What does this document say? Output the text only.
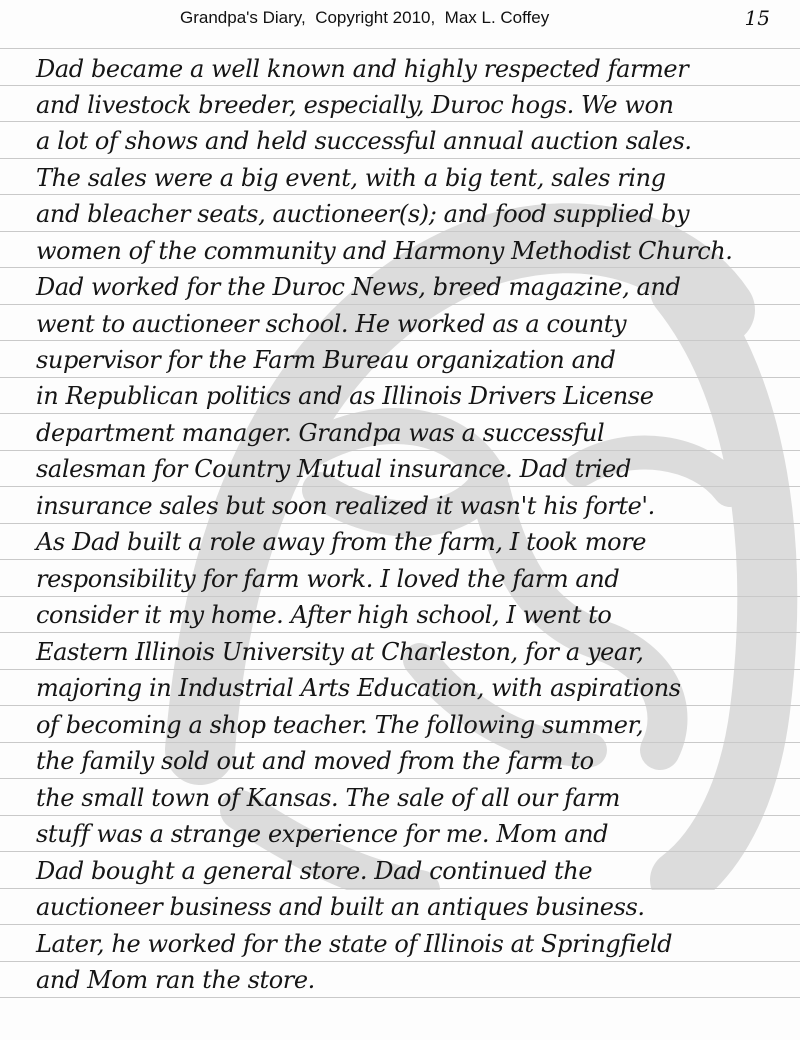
Grandpa's Diary,  Copyright 2010,  Max L. Coffey	15
Dad became a well known and highly respected farmer
and livestock breeder, especially, Duroc hogs. We won
a lot of shows and held successful annual auction sales.
The sales were a big event, with a big tent, sales ring
and bleacher seats, auctioneer(s); and food supplied by
women of the community and Harmony Methodist Church.
Dad worked for the Duroc News, breed magazine, and
went to auctioneer school. He worked as a county
supervisor for the Farm Bureau organization and
in Republican politics and as Illinois Drivers License
department manager. Grandpa was a successful
salesman for Country Mutual insurance. Dad tried
insurance sales but soon realized it wasn't his forte'.
As Dad built a role away from the farm, I took more
responsibility for farm work. I loved the farm and
consider it my home. After high school, I went to
Eastern Illinois University at Charleston, for a year,
majoring in Industrial Arts Education, with aspirations
of becoming a shop teacher. The following summer,
the family sold out and moved from the farm to
the small town of Kansas. The sale of all our farm
stuff was a strange experience for me. Mom and
Dad bought a general store. Dad continued the
auctioneer business and built an antiques business.
Later, he worked for the state of Illinois at Springfield
and Mom ran the store.
